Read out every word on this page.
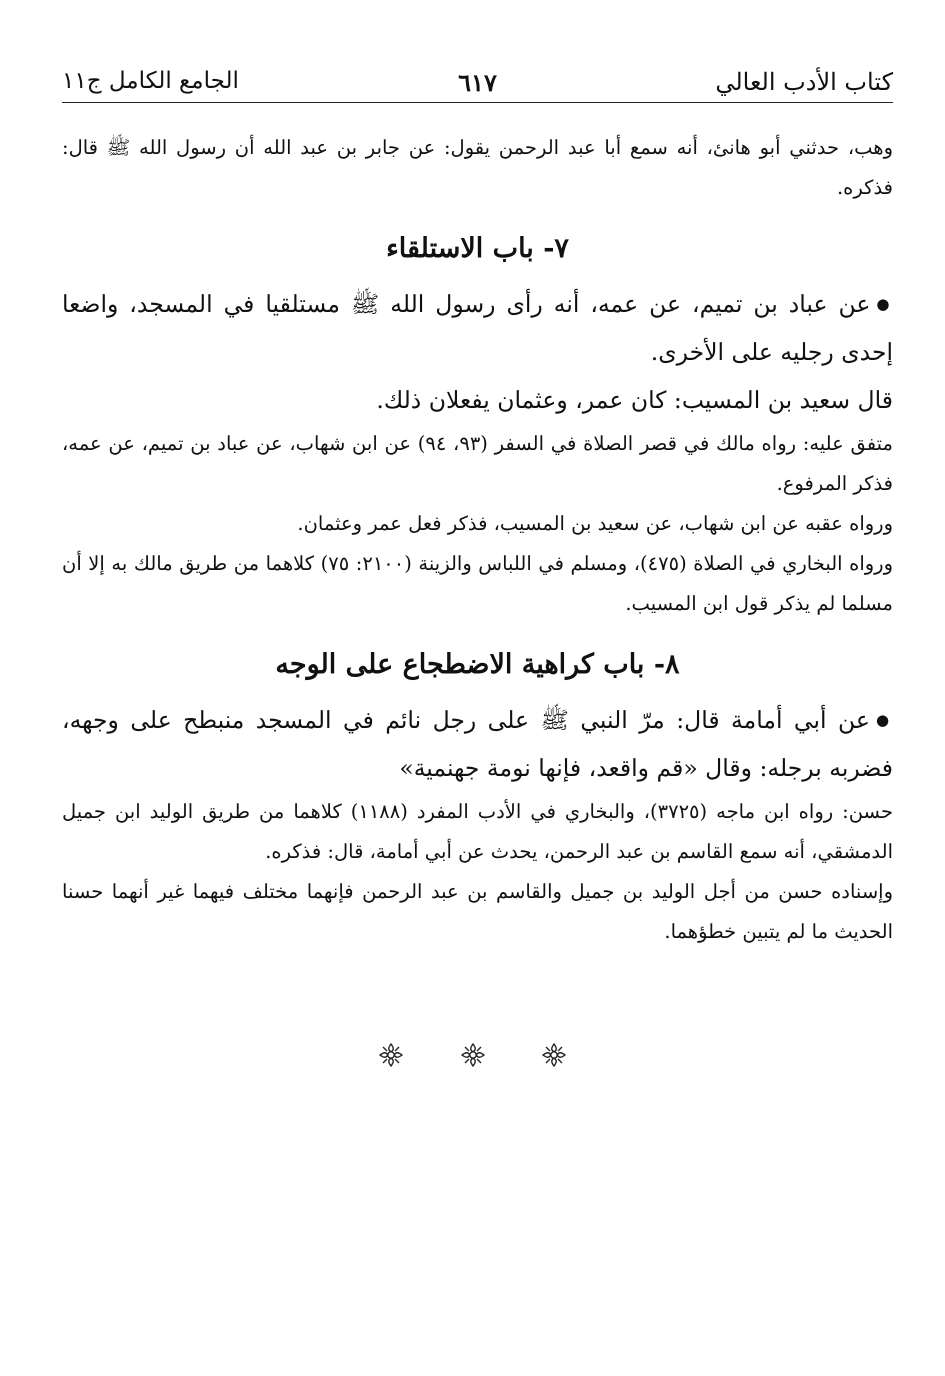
كتاب الأدب العالي
٦١٧
الجامع الكامل ج١١

وهب، حدثني أبو هانئ، أنه سمع أبا عبد الرحمن يقول: عن جابر بن عبد الله أن رسول الله ﷺ قال: فذكره.

٧- باب الاستلقاء

●عن عباد بن تميم، عن عمه، أنه رأى رسول الله ﷺ مستلقيا في المسجد، واضعا إحدى رجليه على الأخرى.

قال سعيد بن المسيب: كان عمر، وعثمان يفعلان ذلك.

متفق عليه: رواه مالك في قصر الصلاة في السفر (٩٣، ٩٤) عن ابن شهاب، عن عباد بن تميم، عن عمه، فذكر المرفوع.

ورواه عقبه عن ابن شهاب، عن سعيد بن المسيب، فذكر فعل عمر وعثمان.

ورواه البخاري في الصلاة (٤٧٥)، ومسلم في اللباس والزينة (٢١٠٠: ٧٥) كلاهما من طريق مالك به إلا أن مسلما لم يذكر قول ابن المسيب.

٨- باب كراهية الاضطجاع على الوجه

●عن أبي أمامة قال: مرّ النبي ﷺ على رجل نائم في المسجد منبطح على وجهه، فضربه برجله: وقال «قم واقعد، فإنها نومة جهنمية»

حسن: رواه ابن ماجه (٣٧٢٥)، والبخاري في الأدب المفرد (١١٨٨) كلاهما من طريق الوليد ابن جميل الدمشقي، أنه سمع القاسم بن عبد الرحمن، يحدث عن أبي أمامة، قال: فذكره.

وإسناده حسن من أجل الوليد بن جميل والقاسم بن عبد الرحمن فإنهما مختلف فيهما غير أنهما حسنا الحديث ما لم يتبين خطؤهما.
